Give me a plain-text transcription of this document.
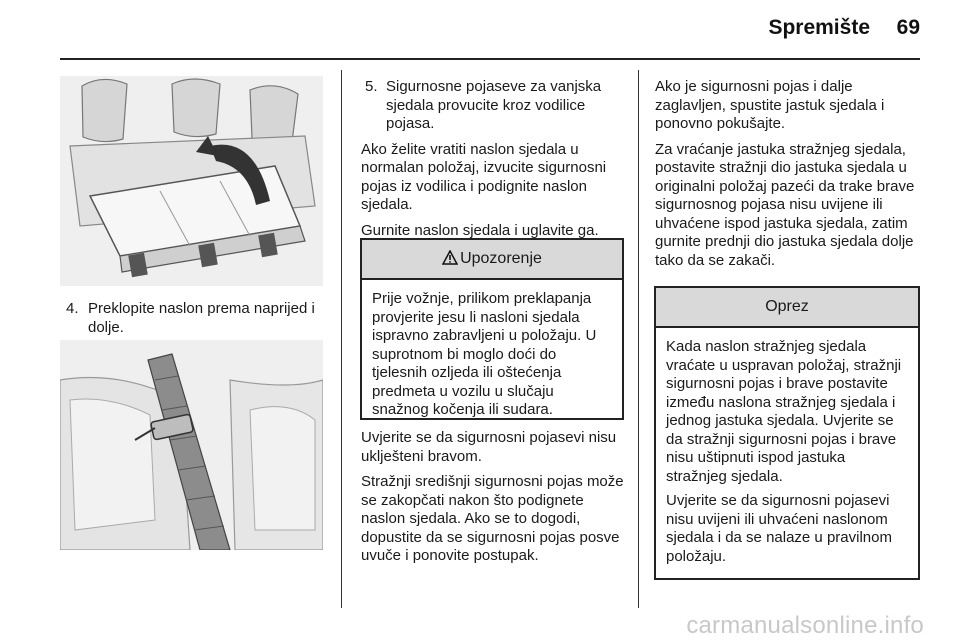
Spremište	69
4. Preklopite naslon prema naprijed i dolje.
5. Sigurnosne pojaseve za vanjska sjedala provucite kroz vodilice pojasa.

Ako želite vratiti naslon sjedala u normalan položaj, izvucite sigurnosni pojas iz vodilica i podignite naslon sjedala.

Gurnite naslon sjedala i uglavite ga.

Upozorenje

Prije vožnje, prilikom preklapanja provjerite jesu li nasloni sjedala ispravno zabravljeni u položaju. U suprotnom bi moglo doći do tjelesnih ozljeda ili oštećenja predmeta u vozilu u slučaju snažnog kočenja ili sudara.

Uvjerite se da sigurnosni pojasevi nisu uklješteni bravom.

Stražnji središnji sigurnosni pojas može se zakopčati nakon što podignete naslon sjedala. Ako se to dogodi, dopustite da se sigurnosni pojas posve uvuče i ponovite postupak.

Ako je sigurnosni pojas i dalje zaglavljen, spustite jastuk sjedala i ponovno pokušajte.

Za vraćanje jastuka stražnjeg sjedala, postavite stražnji dio jastuka sjedala u originalni položaj pazeći da trake brave sigurnosnog pojasa nisu uvijene ili uhvaćene ispod jastuka sjedala, zatim gurnite prednji dio jastuka sjedala dolje tako da se zakači.

Oprez

Kada naslon stražnjeg sjedala vraćate u uspravan položaj, stražnji sigurnosni pojas i brave postavite između naslona stražnjeg sjedala i jednog jastuka sjedala. Uvjerite se da stražnji sigurnosni pojas i brave nisu uštipnuti ispod jastuka stražnjeg sjedala.

Uvjerite se da sigurnosni pojasevi nisu uvijeni ili uhvaćeni naslonom sjedala i da se nalaze u pravilnom položaju.

carmanualsonline.info
